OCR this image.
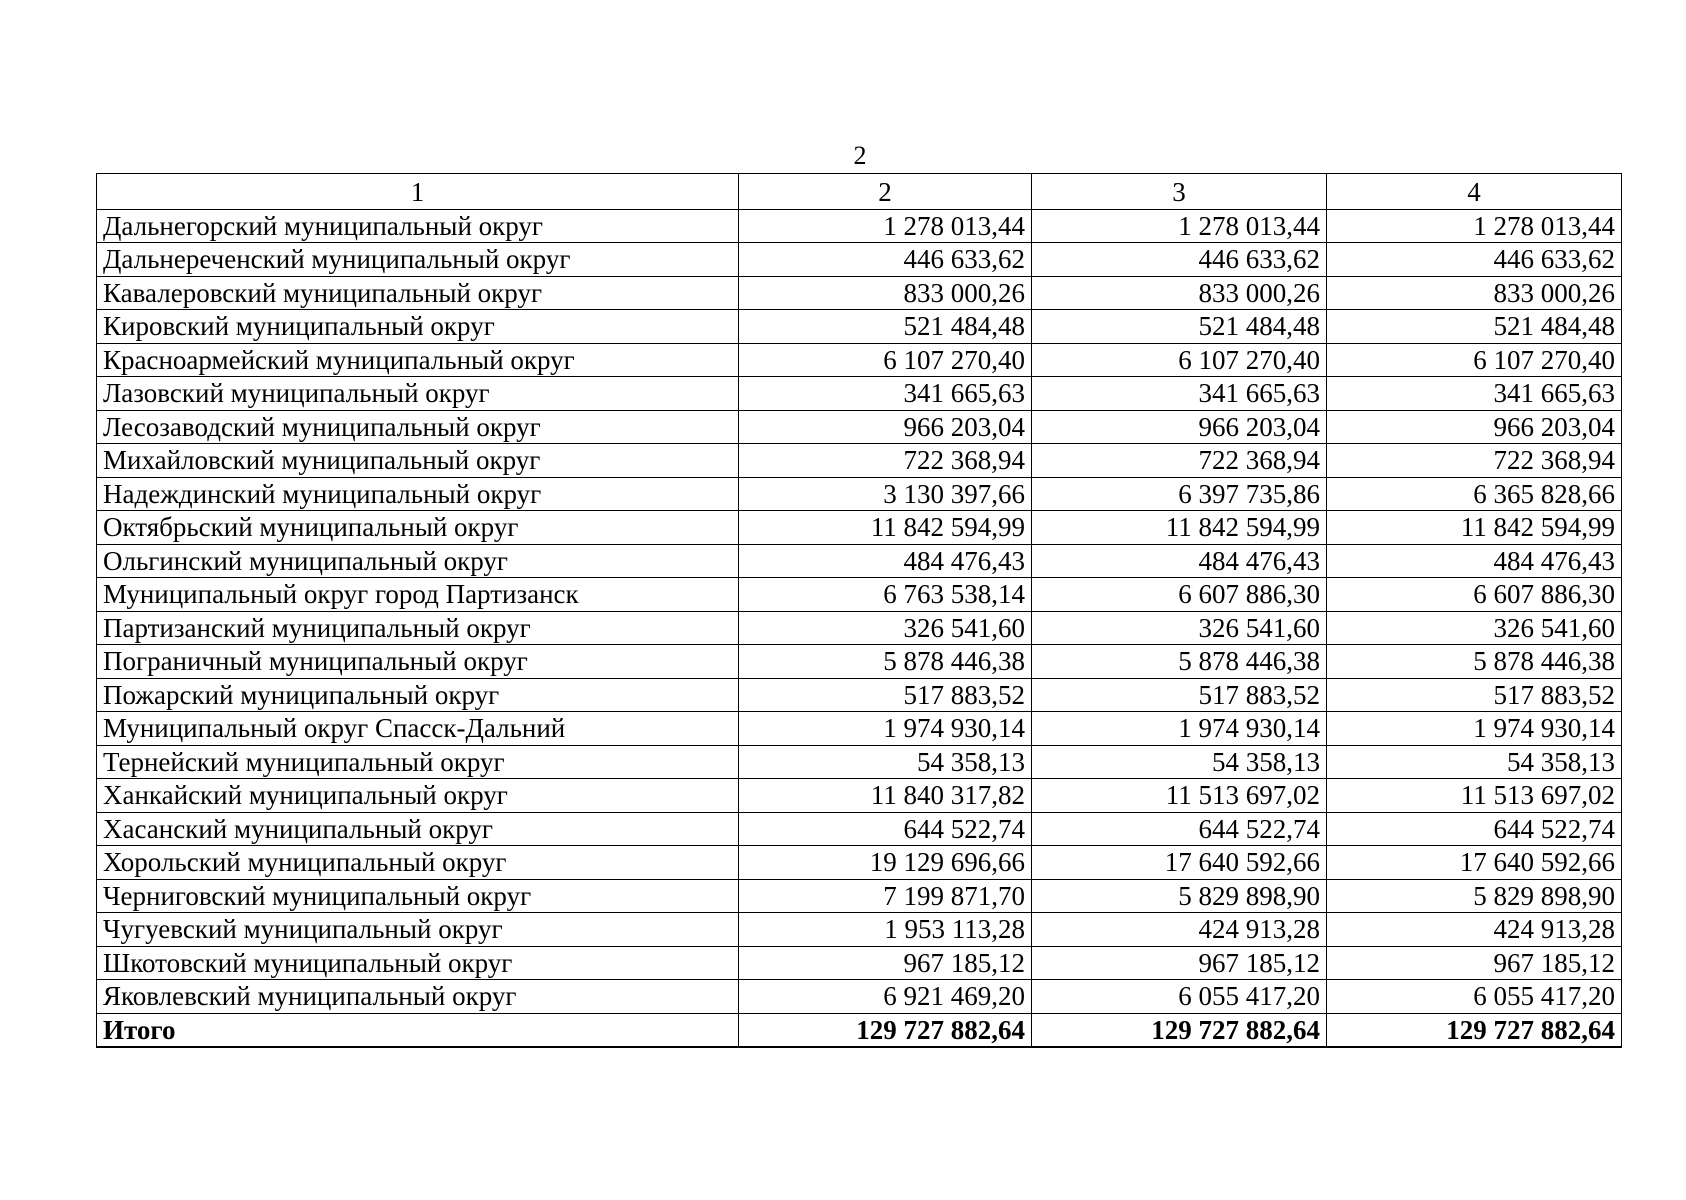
2
1	2	3	4
Дальнегорский муниципальный округ	1 278 013,44	1 278 013,44	1 278 013,44
Дальнереченский муниципальный округ	446 633,62	446 633,62	446 633,62
Кавалеровский муниципальный округ	833 000,26	833 000,26	833 000,26
Кировский муниципальный округ	521 484,48	521 484,48	521 484,48
Красноармейский муниципальный округ	6 107 270,40	6 107 270,40	6 107 270,40
Лазовский муниципальный округ	341 665,63	341 665,63	341 665,63
Лесозаводский муниципальный округ	966 203,04	966 203,04	966 203,04
Михайловский муниципальный округ	722 368,94	722 368,94	722 368,94
Надеждинский муниципальный округ	3 130 397,66	6 397 735,86	6 365 828,66
Октябрьский муниципальный округ	11 842 594,99	11 842 594,99	11 842 594,99
Ольгинский муниципальный округ	484 476,43	484 476,43	484 476,43
Муниципальный округ город Партизанск	6 763 538,14	6 607 886,30	6 607 886,30
Партизанский муниципальный округ	326 541,60	326 541,60	326 541,60
Пограничный муниципальный округ	5 878 446,38	5 878 446,38	5 878 446,38
Пожарский муниципальный округ	517 883,52	517 883,52	517 883,52
Муниципальный округ Спасск-Дальний	1 974 930,14	1 974 930,14	1 974 930,14
Тернейский муниципальный округ	54 358,13	54 358,13	54 358,13
Ханкайский муниципальный округ	11 840 317,82	11 513 697,02	11 513 697,02
Хасанский муниципальный округ	644 522,74	644 522,74	644 522,74
Хорольский муниципальный округ	19 129 696,66	17 640 592,66	17 640 592,66
Черниговский муниципальный округ	7 199 871,70	5 829 898,90	5 829 898,90
Чугуевский муниципальный округ	1 953 113,28	424 913,28	424 913,28
Шкотовский муниципальный округ	967 185,12	967 185,12	967 185,12
Яковлевский муниципальный округ	6 921 469,20	6 055 417,20	6 055 417,20
Итого	129 727 882,64	129 727 882,64	129 727 882,64
